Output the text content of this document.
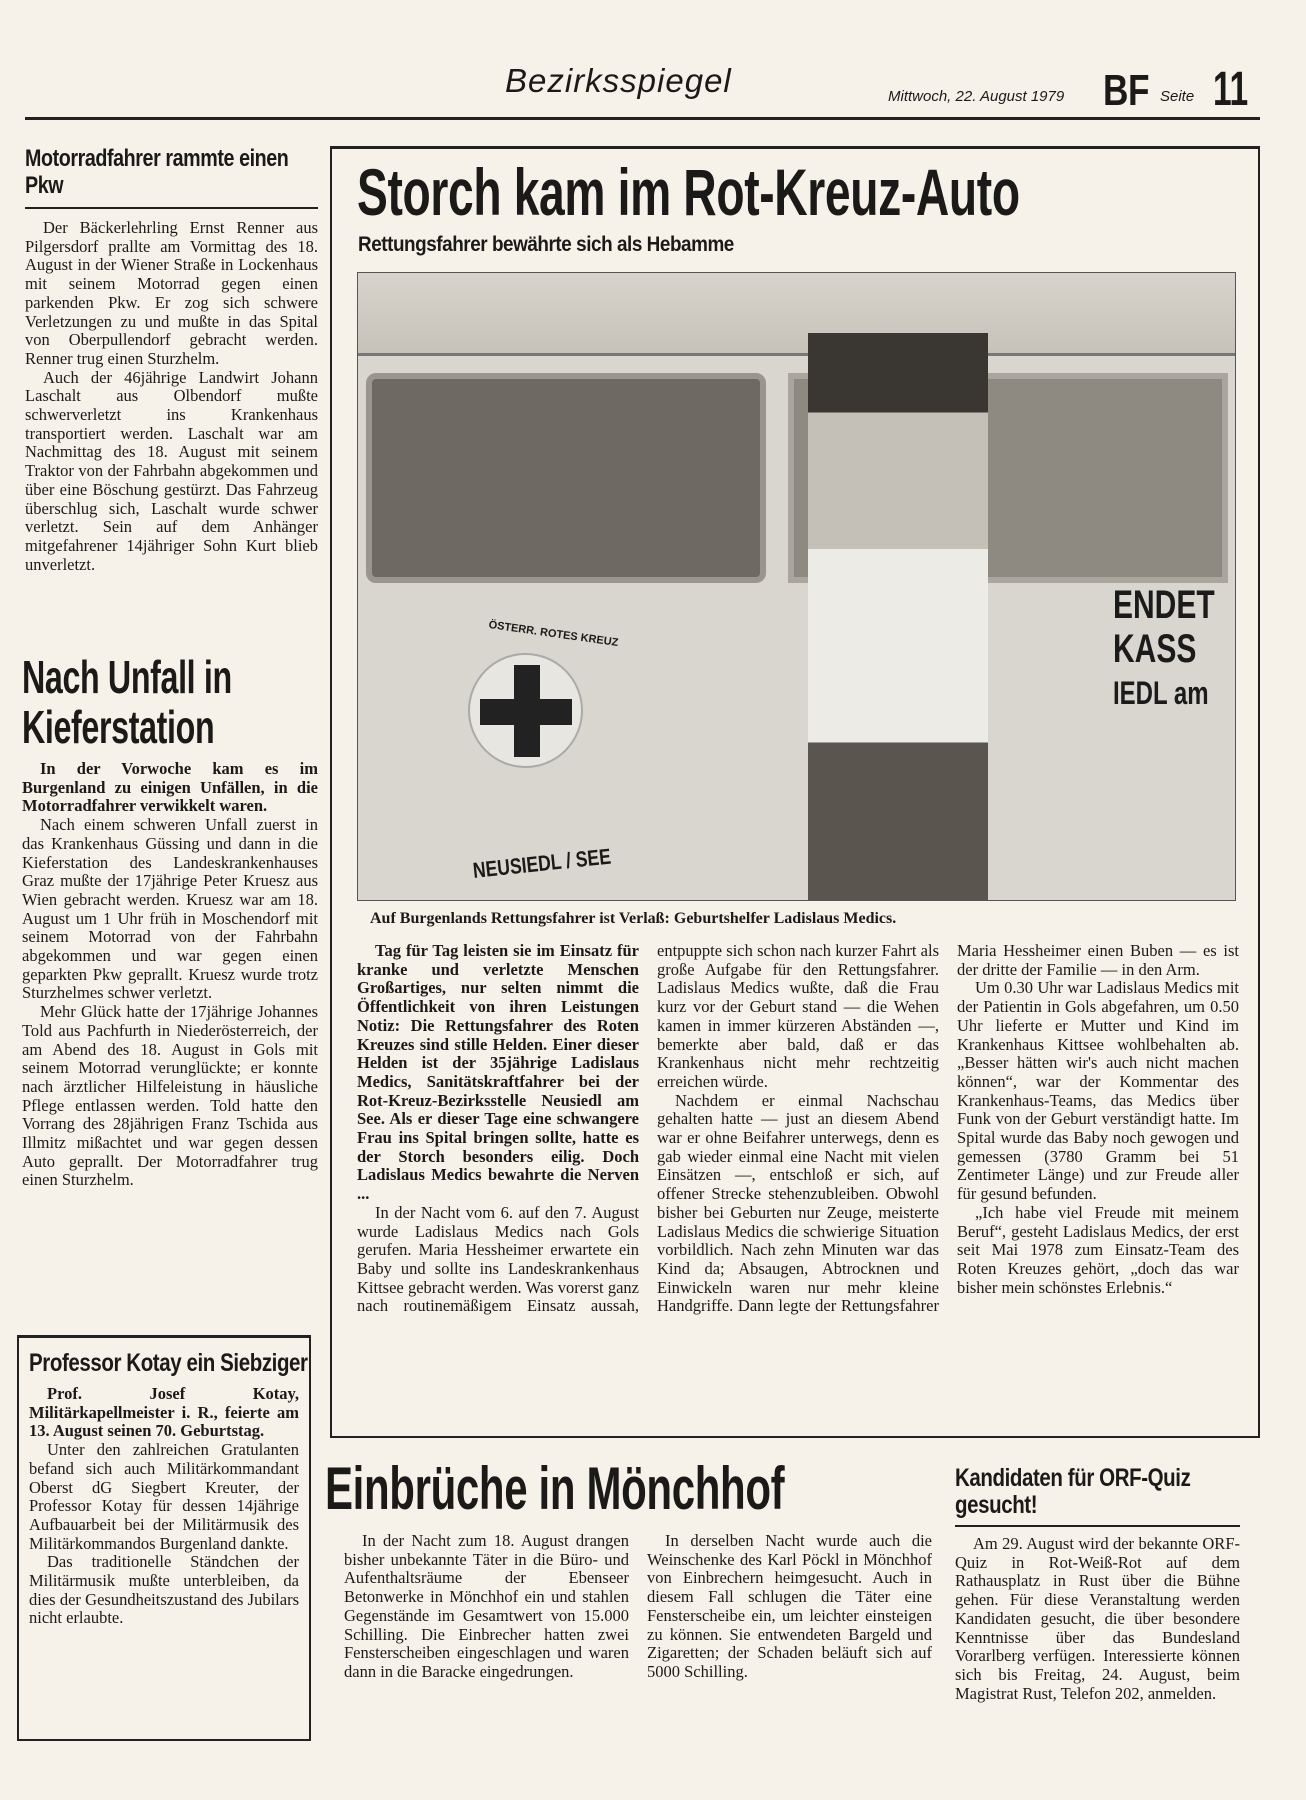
Bezirksspiegel	Mittwoch, 22. August 1979 BF Seite 11
Motorradfahrer rammte einen Pkw

Der Bäckerlehrling Ernst Renner aus Pilgersdorf prallte am Vormittag des 18. August in der Wiener Straße in Lockenhaus mit seinem Motorrad gegen einen parkenden Pkw. Er zog sich schwere Verletzungen zu und mußte in das Spital von Oberpullendorf gebracht werden. Renner trug einen Sturzhelm.

Auch der 46jährige Landwirt Johann Laschalt aus Olbendorf mußte schwerverletzt ins Krankenhaus transportiert werden. Laschalt war am Nachmittag des 18. August mit seinem Traktor von der Fahrbahn abgekommen und über eine Böschung gestürzt. Das Fahrzeug überschlug sich, Laschalt wurde schwer verletzt. Sein auf dem Anhänger mitgefahrener 14jähriger Sohn Kurt blieb unverletzt.

Nach Unfall in Kieferstation

In der Vorwoche kam es im Burgenland zu einigen Unfällen, in die Motorradfahrer verwikkelt waren.

Nach einem schweren Unfall zuerst in das Krankenhaus Güssing und dann in die Kieferstation des Landeskrankenhauses Graz mußte der 17jährige Peter Kruesz aus Wien gebracht werden. Kruesz war am 18. August um 1 Uhr früh in Moschendorf mit seinem Motorrad von der Fahrbahn abgekommen und war gegen einen geparkten Pkw geprallt. Kruesz wurde trotz Sturzhelmes schwer verletzt.

Mehr Glück hatte der 17jährige Johannes Told aus Pachfurth in Niederösterreich, der am Abend des 18. August in Gols mit seinem Motorrad verunglückte; er konnte nach ärztlicher Hilfeleistung in häusliche Pflege entlassen werden. Told hatte den Vorrang des 28jährigen Franz Tschida aus Illmitz mißachtet und war gegen dessen Auto geprallt. Der Motorradfahrer trug einen Sturzhelm.

Professor Kotay ein Siebziger

Prof. Josef Kotay, Militärkapellmeister i. R., feierte am 13. August seinen 70. Geburtstag.

Unter den zahlreichen Gratulanten befand sich auch Militärkommandant Oberst dG Siegbert Kreuter, der Professor Kotay für dessen 14jährige Aufbauarbeit bei der Militärmusik des Militärkommandos Burgenland dankte.

Das traditionelle Ständchen der Militärmusik mußte unterbleiben, da dies der Gesundheitszustand des Jubilars nicht erlaubte.

Storch kam im Rot-Kreuz-Auto
Rettungsfahrer bewährte sich als Hebamme
ÖSTERR. ROTES KREUZ
NEUSIEDL / SEE
ENDET
KASS
IEDL am
Auf Burgenlands Rettungsfahrer ist Verlaß: Geburtshelfer Ladislaus Medics.

Tag für Tag leisten sie im Einsatz für kranke und verletzte Menschen Großartiges, nur selten nimmt die Öffentlichkeit von ihren Leistungen Notiz: Die Rettungsfahrer des Roten Kreuzes sind stille Helden. Einer dieser Helden ist der 35jährige Ladislaus Medics, Sanitätskraftfahrer bei der Rot-Kreuz-Bezirksstelle Neusiedl am See. Als er dieser Tage eine schwangere Frau ins Spital bringen sollte, hatte es der Storch besonders eilig. Doch Ladislaus Medics bewahrte die Nerven ...

In der Nacht vom 6. auf den 7. August wurde Ladislaus Medics nach Gols gerufen. Maria Hessheimer erwartete ein Baby und sollte ins Landeskrankenhaus Kittsee gebracht werden. Was vorerst ganz nach routinemäßigem Einsatz aussah, entpuppte sich schon nach kurzer Fahrt als große Aufgabe für den Rettungsfahrer. Ladislaus Medics wußte, daß die Frau kurz vor der Geburt stand — die Wehen kamen in immer kürzeren Abständen —, bemerkte aber bald, daß er das Krankenhaus nicht mehr rechtzeitig erreichen würde.

Nachdem er einmal Nachschau gehalten hatte — just an diesem Abend war er ohne Beifahrer unterwegs, denn es gab wieder einmal eine Nacht mit vielen Einsätzen —, entschloß er sich, auf offener Strecke stehenzubleiben. Obwohl bisher bei Geburten nur Zeuge, meisterte Ladislaus Medics die schwierige Situation vorbildlich. Nach zehn Minuten war das Kind da; Absaugen, Abtrocknen und Einwickeln waren nur mehr kleine Handgriffe. Dann legte der Rettungsfahrer Maria Hessheimer einen Buben — es ist der dritte der Familie — in den Arm.

Um 0.30 Uhr war Ladislaus Medics mit der Patientin in Gols abgefahren, um 0.50 Uhr lieferte er Mutter und Kind im Krankenhaus Kittsee wohlbehalten ab. „Besser hätten wir's auch nicht machen können“, war der Kommentar des Krankenhaus-Teams, das Medics über Funk von der Geburt verständigt hatte. Im Spital wurde das Baby noch gewogen und gemessen (3780 Gramm bei 51 Zentimeter Länge) und zur Freude aller für gesund befunden.

„Ich habe viel Freude mit meinem Beruf“, gesteht Ladislaus Medics, der erst seit Mai 1978 zum Einsatz-Team des Roten Kreuzes gehört, „doch das war bisher mein schönstes Erlebnis.“

Einbrüche in Mönchhof

In der Nacht zum 18. August drangen bisher unbekannte Täter in die Büro- und Aufenthaltsräume der Ebenseer Betonwerke in Mönchhof ein und stahlen Gegenstände im Gesamtwert von 15.000 Schilling. Die Einbrecher hatten zwei Fensterscheiben eingeschlagen und waren dann in die Baracke eingedrungen.

In derselben Nacht wurde auch die Weinschenke des Karl Pöckl in Mönchhof von Einbrechern heimgesucht. Auch in diesem Fall schlugen die Täter eine Fensterscheibe ein, um leichter einsteigen zu können. Sie entwendeten Bargeld und Zigaretten; der Schaden beläuft sich auf 5000 Schilling.

Kandidaten für ORF-Quiz gesucht!

Am 29. August wird der bekannte ORF-Quiz in Rot-Weiß-Rot auf dem Rathausplatz in Rust über die Bühne gehen. Für diese Veranstaltung werden Kandidaten gesucht, die über besondere Kenntnisse über das Bundesland Vorarlberg verfügen. Interessierte können sich bis Freitag, 24. August, beim Magistrat Rust, Telefon 202, anmelden.
